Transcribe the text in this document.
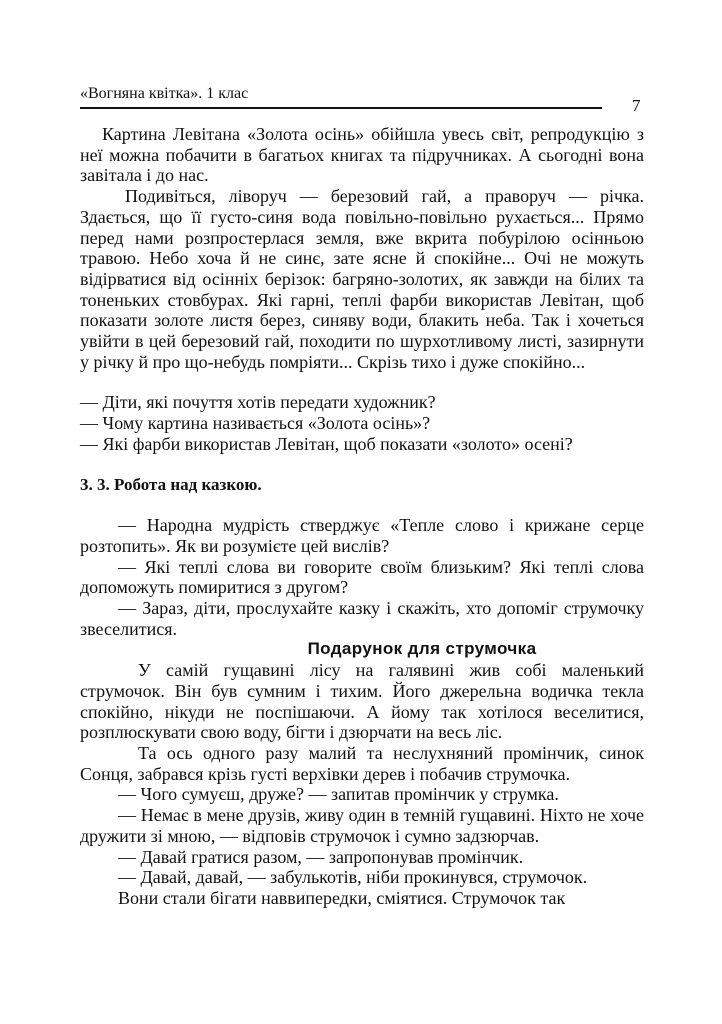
«Вогняна квітка». 1 клас
7

Картина Левітана «Золота осінь» обійшла увесь світ, репродукцію з неї можна побачити в багатьох книгах та підручниках. А сьогодні вона завітала і до нас.

Подивіться, ліворуч — березовий гай, а праворуч — річка. Здається, що її густо-синя вода повільно-повільно рухається... Прямо перед нами розпростерлася земля, вже вкрита побурілою осінньою травою. Небо хоча й не синє, зате ясне й спокійне... Очі не можуть відірватися від осінніх берізок: багряно-золотих, як завжди на білих та тоненьких стовбурах. Які гарні, теплі фарби використав Левітан, щоб показати золоте листя берез, синяву води, блакить неба. Так і хочеться увійти в цей березовий гай, походити по шурхотливому листі, зазирнути у річку й про що-небудь помріяти... Скрізь тихо і дуже спокійно...

— Діти, які почуття хотів передати художник?

— Чому картина називається «Золота осінь»?

— Які фарби використав Левітан, щоб показати «золото» осені?

3. 3. Робота над казкою.

— Народна мудрість стверджує «Тепле слово і крижане серце розтопить». Як ви розумієте цей вислів?

— Які теплі слова ви говорите своїм близьким? Які теплі слова допоможуть помиритися з другом?

— Зараз, діти, прослухайте казку і скажіть, хто допоміг струмочку звеселитися.

Подарунок для струмочка

У самій гущавині лісу на галявині жив собі маленький струмочок. Він був сумним і тихим. Його джерельна водичка текла спокійно, нікуди не поспішаючи. А йому так хотілося веселитися, розплюскувати свою воду, бігти і дзюрчати на весь ліс.

Та ось одного разу малий та неслухняний промінчик, синок Сонця, забрався крізь густі верхівки дерев і побачив струмочка.

— Чого сумуєш, друже? — запитав промінчик у струмка.

— Немає в мене друзів, живу один в темній гущавині. Ніхто не хоче дружити зі мною, — відповів струмочок і сумно задзюрчав.

— Давай гратися разом, — запропонував промінчик.

— Давай, давай, — забулькотів, ніби прокинувся, струмочок.

Вони стали бігати наввипередки, сміятися. Струмочок так
